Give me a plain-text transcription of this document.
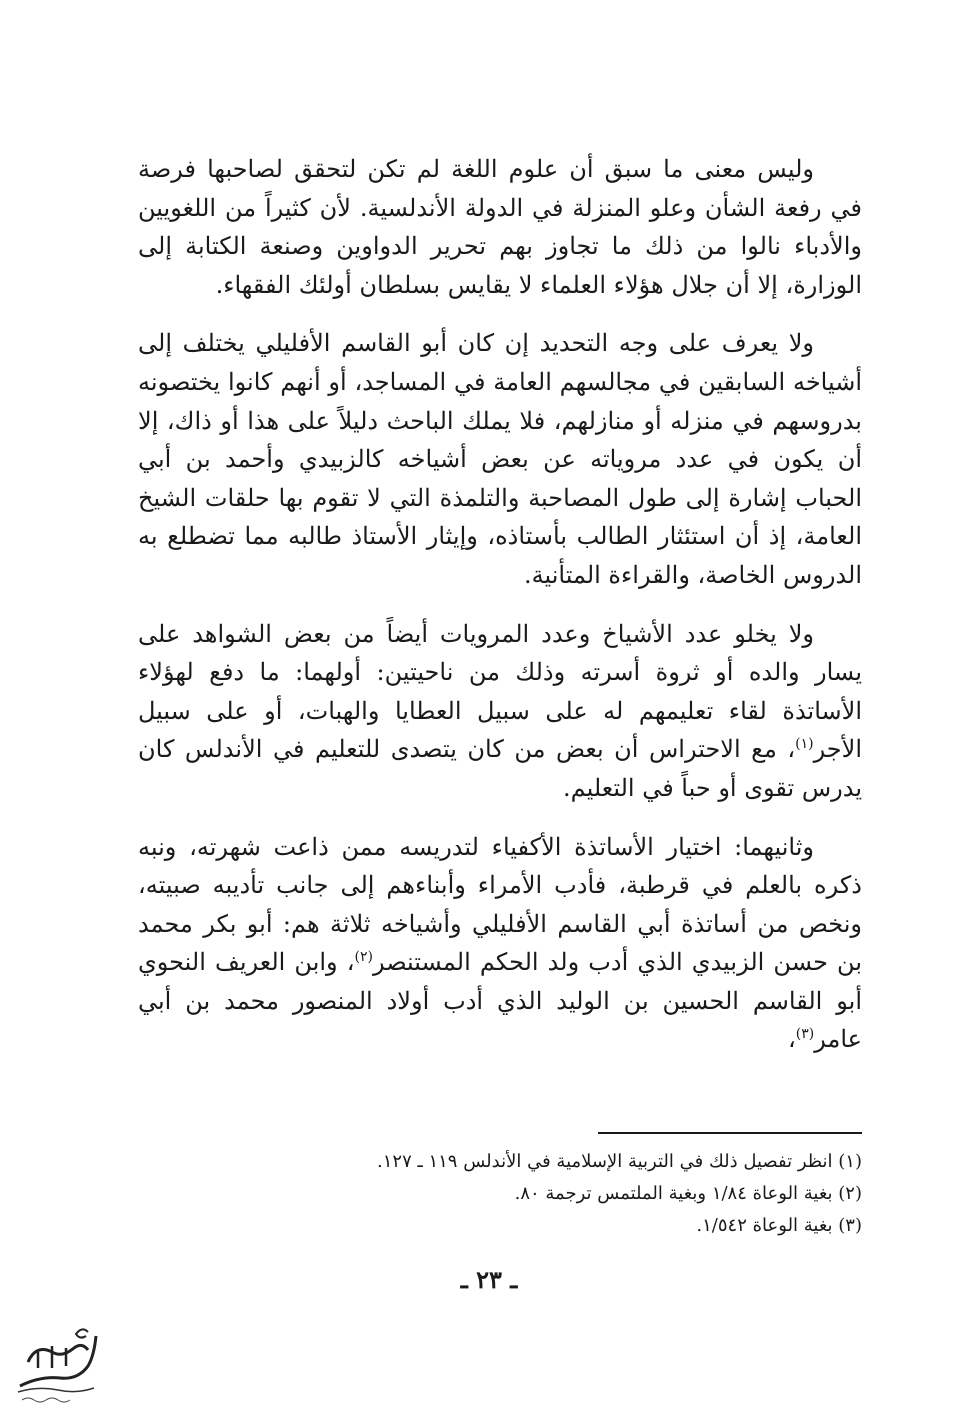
وليس معنى ما سبق أن علوم اللغة لم تكن لتحقق لصاحبها فرصة في رفعة الشأن وعلو المنزلة في الدولة الأندلسية. لأن كثيراً من اللغويين والأدباء نالوا من ذلك ما تجاوز بهم تحرير الدواوين وصنعة الكتابة إلى الوزارة، إلا أن جلال هؤلاء العلماء لا يقايس بسلطان أولئك الفقهاء.

ولا يعرف على وجه التحديد إن كان أبو القاسم الأفليلي يختلف إلى أشياخه السابقين في مجالسهم العامة في المساجد، أو أنهم كانوا يختصونه بدروسهم في منزله أو منازلهم، فلا يملك الباحث دليلاً على هذا أو ذاك، إلا أن يكون في عدد مروياته عن بعض أشياخه كالزبيدي وأحمد بن أبي الحباب إشارة إلى طول المصاحبة والتلمذة التي لا تقوم بها حلقات الشيخ العامة، إذ أن استئثار الطالب بأستاذه، وإيثار الأستاذ طالبه مما تضطلع به الدروس الخاصة، والقراءة المتأنية.

ولا يخلو عدد الأشياخ وعدد المرويات أيضاً من بعض الشواهد على يسار والده أو ثروة أسرته وذلك من ناحيتين: أولهما: ما دفع لهؤلاء الأساتذة لقاء تعليمهم له على سبيل العطايا والهبات، أو على سبيل الأجر$^{(١)}$، مع الاحتراس أن بعض من كان يتصدى للتعليم في الأندلس كان يدرس تقوى أو حباً في التعليم.

وثانيهما: اختيار الأساتذة الأكفياء لتدريسه ممن ذاعت شهرته، ونبه ذكره بالعلم في قرطبة، فأدب الأمراء وأبناءهم إلى جانب تأديبه صبيته، ونخص من أساتذة أبي القاسم الأفليلي وأشياخه ثلاثة هم: أبو بكر محمد بن حسن الزبيدي الذي أدب ولد الحكم المستنصر$^{(٢)}$، وابن العريف النحوي أبو القاسم الحسين بن الوليد الذي أدب أولاد المنصور محمد بن أبي عامر$^{(٣)}$،

(١) انظر تفصيل ذلك في التربية الإسلامية في الأندلس ١١٩ ـ ١٢٧.

(٢) بغية الوعاة ١/٨٤ وبغية الملتمس ترجمة ٨٠.

(٣) بغية الوعاة ١/٥٤٢.

ـ ٢٣ ـ
